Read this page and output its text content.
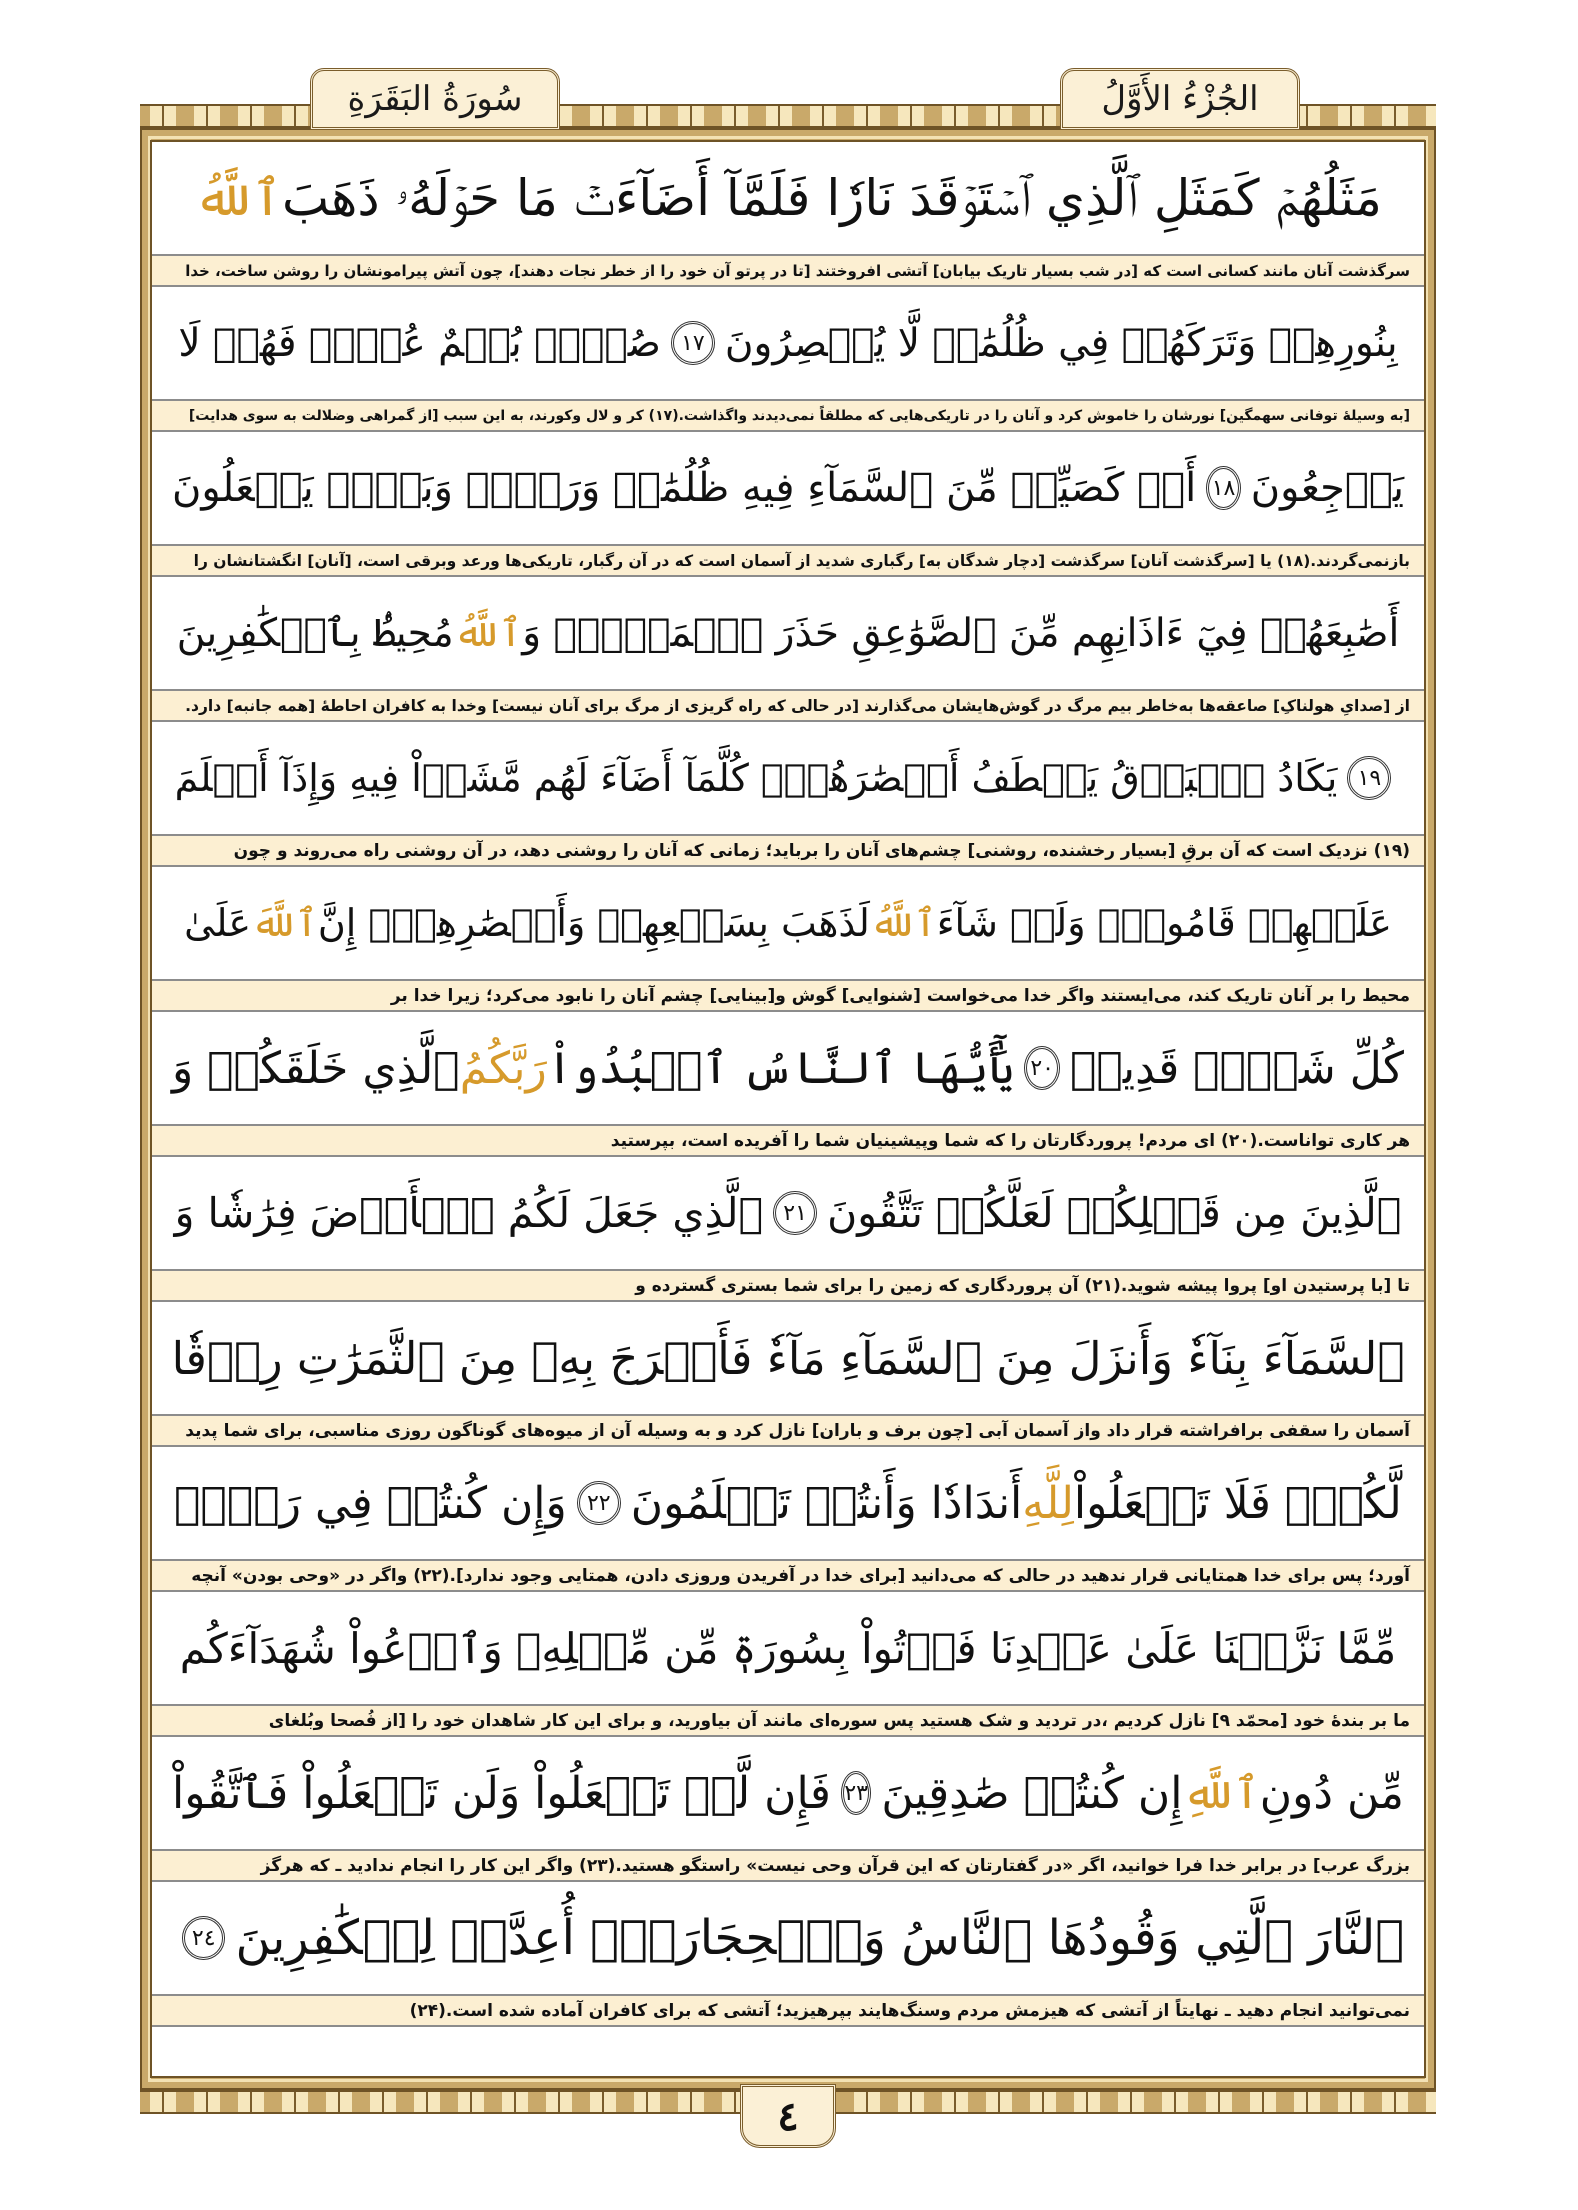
الجُزْءُ الأَوَّلُ
سُورَةُ البَقَرَةِ
مَثَلُهُمۡ كَمَثَلِ ٱلَّذِي ٱسۡتَوۡقَدَ نَارٗا فَلَمَّآ أَضَآءَتۡ مَا حَوۡلَهُۥ ذَهَبَ
ٱللَّهُ
سرگذشت آنان مانند کسانی است که [در شب بسیار تاریک بیابان] آتشی افروختند [تا در پرتو آن خود را از خطر نجات دهند]، چون آتش پیرامونشان را روشن ساخت، خدا
بِنُورِهِمۡ وَتَرَكَهُمۡ فِي ظُلُمَٰتٖ لَّا يُبۡصِرُونَ
١٧
صُمُّۢ بُكۡمٌ عُمۡيٞ فَهُمۡ لَا
[به وسیلۀ توفانی سهمگین] نورشان را خاموش کرد و آنان را در تاریکی‌هایی که مطلقاً نمی‌دیدند واگذاشت.(۱۷) کر و لال وکورند، به این سبب [از گمراهی وضلالت به سوی هدایت]
يَرۡجِعُونَ
١٨
أَوۡ كَصَيِّبٖ مِّنَ ٱلسَّمَآءِ فِيهِ ظُلُمَٰتٞ وَرَعۡدٞ وَبَرۡقٞ يَجۡعَلُونَ
بازنمی‌گردند.(۱۸) یا [سرگذشت آنان] سرگذشت [دچار شدگان به] رگباری شدید از آسمان است که در آن رگبار، تاریکی‌ها ورعد وبرقی است، [آنان] انگشتانشان را
أَصَٰبِعَهُمۡ فِيٓ ءَاذَانِهِم مِّنَ ٱلصَّوَٰعِقِ حَذَرَ ٱلۡمَوۡتِۚ وَ
ٱللَّهُ
مُحِيطُۢ بِٱلۡكَٰفِرِينَ
از [صدایِ هولناکِ] صاعقه‌ها به‌خاطر بیم مرگ در گوش‌هایشان می‌گذارند [در حالی که راه گریزی از مرگ برای آنان نیست] وخدا به کافران احاطۀ [همه جانبه] دارد.
١٩
يَكَادُ ٱلۡبَرۡقُ يَخۡطَفُ أَبۡصَٰرَهُمۡۖ كُلَّمَآ أَضَآءَ لَهُم مَّشَوۡاْ فِيهِ وَإِذَآ أَظۡلَمَ
(۱۹) نزدیک است که آن برقِ [بسیار رخشنده، روشنی] چشم‌های آنان را برباید؛ زمانی که آنان را روشنی دهد، در آن روشنی راه می‌روند و چون
عَلَيۡهِمۡ قَامُواْۚ وَلَوۡ شَآءَ
ٱللَّهُ
لَذَهَبَ بِسَمۡعِهِمۡ وَأَبۡصَٰرِهِمۡۚ إِنَّ
ٱللَّهَ
عَلَىٰ
محیط را بر آنان تاریک کند، می‌ایستند واگر خدا می‌خواست [شنوایی] گوش و[بینایی] چشم آنان را نابود می‌کرد؛ زیرا خدا بر
كُلِّ شَيۡءٖ قَدِيرٞ
٢٠
يَٰٓأَيُّهَا ٱلنَّاسُ ٱعۡبُدُواْ
رَبَّكُمُ
ٱلَّذِي خَلَقَكُمۡ وَ
هر کاری تواناست.(۲۰) ای مردم! پروردگارتان را که شما وپیشینیان شما را آفریده است، بپرستید
ٱلَّذِينَ مِن قَبۡلِكُمۡ لَعَلَّكُمۡ تَتَّقُونَ
٢١
ٱلَّذِي جَعَلَ لَكُمُ ٱلۡأَرۡضَ فِرَٰشٗا وَ
تا [با پرستیدن او] پروا پیشه شوید.(۲۱) آن پروردگاری که زمین را برای شما بستری گسترده و
ٱلسَّمَآءَ بِنَآءٗ وَأَنزَلَ مِنَ ٱلسَّمَآءِ مَآءٗ فَأَخۡرَجَ بِهِۦ مِنَ ٱلثَّمَرَٰتِ رِزۡقٗا
آسمان را سقفی برافراشته قرار داد واز آسمان آبی [چون برف و باران] نازل کرد و به وسیله آن از میوه‌های گوناگون روزی مناسبی، برای شما پدید
لَّكُمۡۖ فَلَا تَجۡعَلُواْ
لِلَّهِ
أَندَادٗا وَأَنتُمۡ تَعۡلَمُونَ
٢٢
وَإِن كُنتُمۡ فِي رَيۡبٖ
آورد؛ پس برای خدا همتایانی قرار ندهید در حالی که می‌دانید [برای خدا در آفریدن وروزی دادن، همتایی وجود ندارد].(۲۲) واگر در «وحی بودن» آنچه
مِّمَّا نَزَّلۡنَا عَلَىٰ عَبۡدِنَا فَأۡتُواْ بِسُورَةٖ مِّن مِّثۡلِهِۦ وَٱدۡعُواْ شُهَدَآءَكُم
ما بر بندۀ خود [محمّد ٩] نازل کردیم ،در تردید و شک هستید پس سوره‌ای مانند آن بیاورید، و برای این کار شاهدان خود را [از فُصحا وبُلغای
مِّن دُونِ
ٱللَّهِ
إِن كُنتُمۡ صَٰدِقِينَ
٢٣
فَإِن لَّمۡ تَفۡعَلُواْ وَلَن تَفۡعَلُواْ فَٱتَّقُواْ
بزرگ عرب] در برابر خدا فرا خوانید، اگر «در گفتارتان که این قرآن وحی نیست» راستگو هستید.(۲۳) واگر این کار را انجام ندادید ـ که هرگز
ٱلنَّارَ ٱلَّتِي وَقُودُهَا ٱلنَّاسُ وَٱلۡحِجَارَةُۖ أُعِدَّتۡ لِلۡكَٰفِرِينَ
٢٤
نمی‌توانید انجام دهید ـ نهایتاً از آتشی که هیزمش مردم وسنگ‌هایند بپرهیزید؛ آتشی که برای کافران آماده شده است.(۲۴)
٤
